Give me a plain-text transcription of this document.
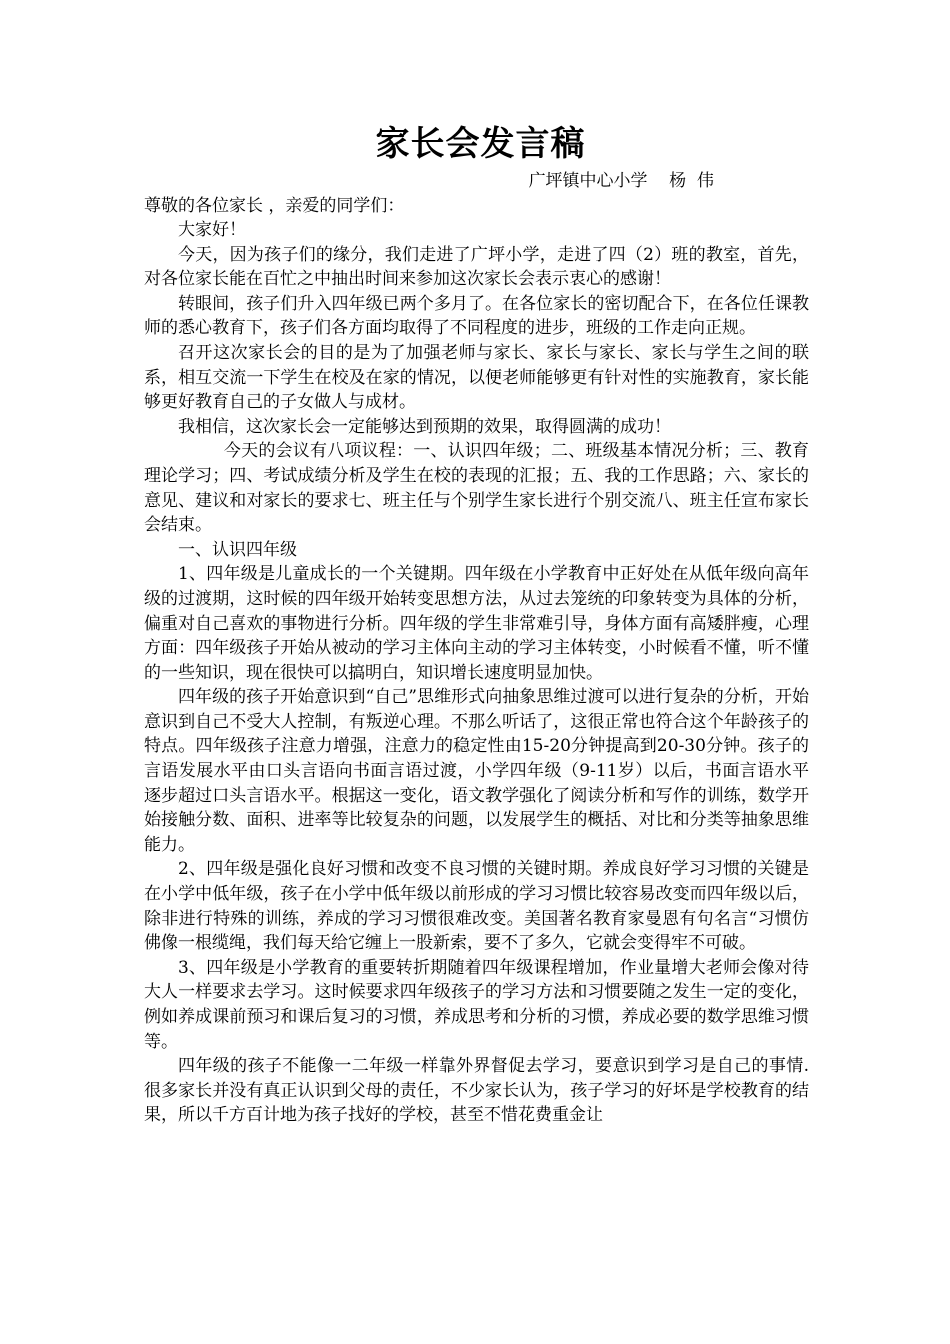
家长会发言稿

广坪镇中心小学    杨  伟

尊敬的各位家长 ，亲爱的同学们：

大家好！

今天，因为孩子们的缘分，我们走进了广坪小学，走进了四（2）班的教室，首先，对各位家长能在百忙之中抽出时间来参加这次家长会表示衷心的感谢！

转眼间，孩子们升入四年级已两个多月了。在各位家长的密切配合下，在各位任课教师的悉心教育下，孩子们各方面均取得了不同程度的进步，班级的工作走向正规。

召开这次家长会的目的是为了加强老师与家长、家长与家长、家长与学生之间的联系，相互交流一下学生在校及在家的情况，以便老师能够更有针对性的实施教育，家长能够更好教育自己的子女做人与成材。

我相信，这次家长会一定能够达到预期的效果，取得圆满的成功！

今天的会议有八项议程：一、认识四年级；二、班级基本情况分析；三、教育理论学习；四、考试成绩分析及学生在校的表现的汇报；五、我的工作思路；六、家长的意见、建议和对家长的要求七、班主任与个别学生家长进行个别交流八、班主任宣布家长会结束。

一、认识四年级

1、四年级是儿童成长的一个关键期。四年级在小学教育中正好处在从低年级向高年级的过渡期，这时候的四年级开始转变思想方法，从过去笼统的印象转变为具体的分析，偏重对自己喜欢的事物进行分析。四年级的学生非常难引导，身体方面有高矮胖瘦，心理方面：四年级孩子开始从被动的学习主体向主动的学习主体转变，小时候看不懂，听不懂的一些知识，现在很快可以搞明白，知识增长速度明显加快。

四年级的孩子开始意识到“自己”思维形式向抽象思维过渡可以进行复杂的分析，开始意识到自己不受大人控制，有叛逆心理。不那么听话了，这很正常也符合这个年龄孩子的特点。四年级孩子注意力增强，注意力的稳定性由15-20分钟提高到20-30分钟。孩子的言语发展水平由口头言语向书面言语过渡，小学四年级（9-11岁）以后，书面言语水平逐步超过口头言语水平。根据这一变化，语文教学强化了阅读分析和写作的训练，数学开始接触分数、面积、进率等比较复杂的问题，以发展学生的概括、对比和分类等抽象思维能力。

2、四年级是强化良好习惯和改变不良习惯的关键时期。养成良好学习习惯的关键是在小学中低年级，孩子在小学中低年级以前形成的学习习惯比较容易改变而四年级以后，除非进行特殊的训练，养成的学习习惯很难改变。美国著名教育家曼恩有句名言“习惯仿佛像一根缆绳，我们每天给它缠上一股新索，要不了多久，它就会变得牢不可破。

3、四年级是小学教育的重要转折期随着四年级课程增加，作业量增大老师会像对待大人一样要求去学习。这时候要求四年级孩子的学习方法和习惯要随之发生一定的变化，例如养成课前预习和课后复习的习惯，养成思考和分析的习惯，养成必要的数学思维习惯等。

四年级的孩子不能像一二年级一样靠外界督促去学习，要意识到学习是自己的事情. 很多家长并没有真正认识到父母的责任，不少家长认为，孩子学习的好坏是学校教育的结果，所以千方百计地为孩子找好的学校，甚至不惜花费重金让
